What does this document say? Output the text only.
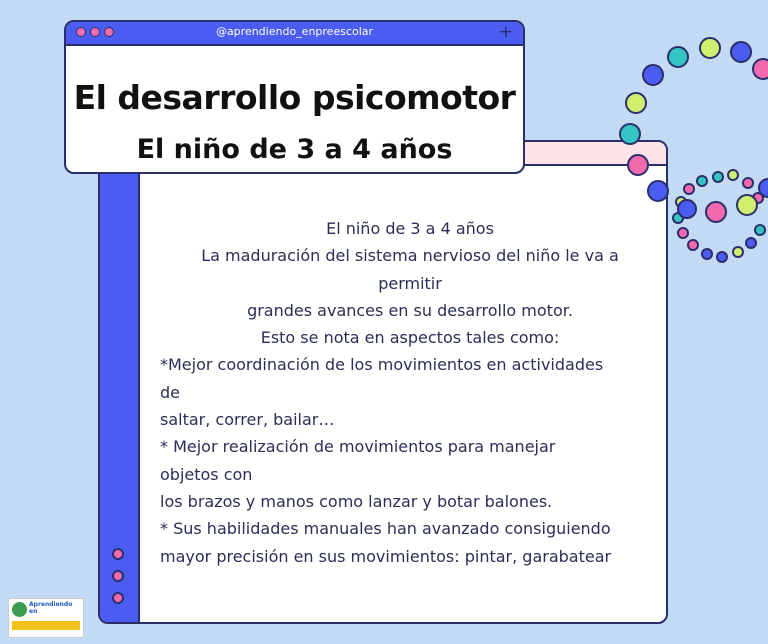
El niño de 3 a 4 años
La maduración del sistema nervioso del niño le va a
permitir
grandes avances en su desarrollo motor.
Esto se nota en aspectos tales como:
*Mejor coordinación de los movimientos en actividades
de
saltar, correr, bailar…
* Mejor realización de movimientos para manejar
objetos con
los brazos y manos como lanzar y botar balones.
* Sus habilidades manuales han avanzado consiguiendo
mayor precisión en sus movimientos: pintar, garabatear
@aprendiendo_enpreescolar	+
El desarrollo psicomotor
El niño de 3 a 4 años
Aprendiendo
en
